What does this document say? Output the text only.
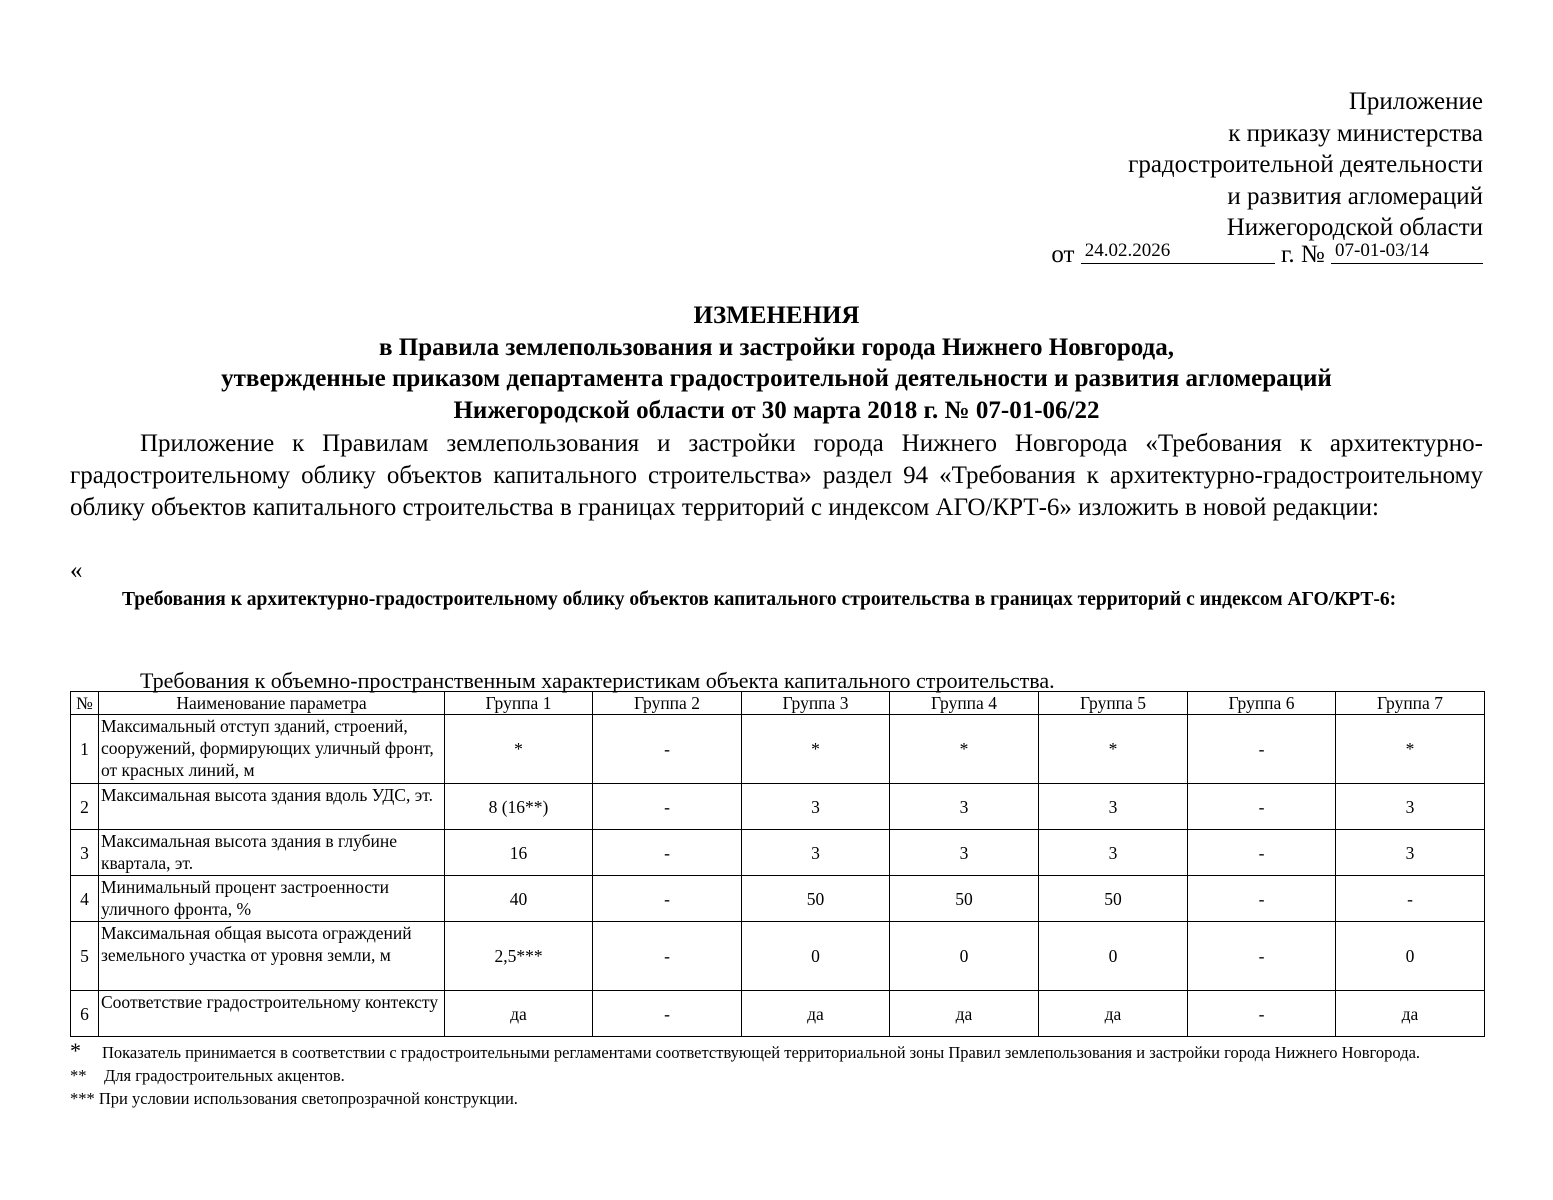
Приложение
к приказу министерства
градостроительной деятельности
и развития агломераций
Нижегородской области
от 24.02.2026	г. № 07-01-03/14
ИЗМЕНЕНИЯ
в Правила землепользования и застройки города Нижнего Новгорода,
утвержденные приказом департамента градостроительной деятельности и развития агломераций
Нижегородской области от 30 марта 2018 г. № 07-01-06/22

Приложение к Правилам землепользования и застройки города Нижнего Новгорода «Требования к архитектурно-градостроительному облику объектов капитального строительства» раздел 94 «Требования к архитектурно-градостроительному облику объектов капитального строительства в границах территорий с индексом АГО/КРТ-6» изложить в новой редакции:

«

Требования к архитектурно-градостроительному облику объектов капитального строительства в границах территорий с индексом АГО/КРТ-6:

Требования к объемно-пространственным характеристикам объекта капитального строительства.
№	Наименование параметра	Группа 1	Группа 2	Группа 3	Группа 4	Группа 5	Группа 6	Группа 7
1	Максимальный отступ зданий, строений, сооружений, формирующих уличный фронт, от красных линий, м	*	-	*	*	*	-	*
2	Максимальная высота здания вдоль УДС, эт.	8 (16**)	-	3	3	3	-	3
3	Максимальная высота здания в глубине квартала, эт.	16	-	3	3	3	-	3
4	Минимальный процент застроенности уличного фронта, %	40	-	50	50	50	-	-
5	Максимальная общая высота ограждений земельного участка от уровня земли, м	2,5***	-	0	0	0	-	0
6	Соответствие градостроительному контексту	да	-	да	да	да	-	да

* Показатель принимается в соответствии с градостроительными регламентами соответствующей территориальной зоны Правил землепользования и застройки города Нижнего Новгорода.

** Для градостроительных акцентов.

*** При условии использования светопрозрачной конструкции.
